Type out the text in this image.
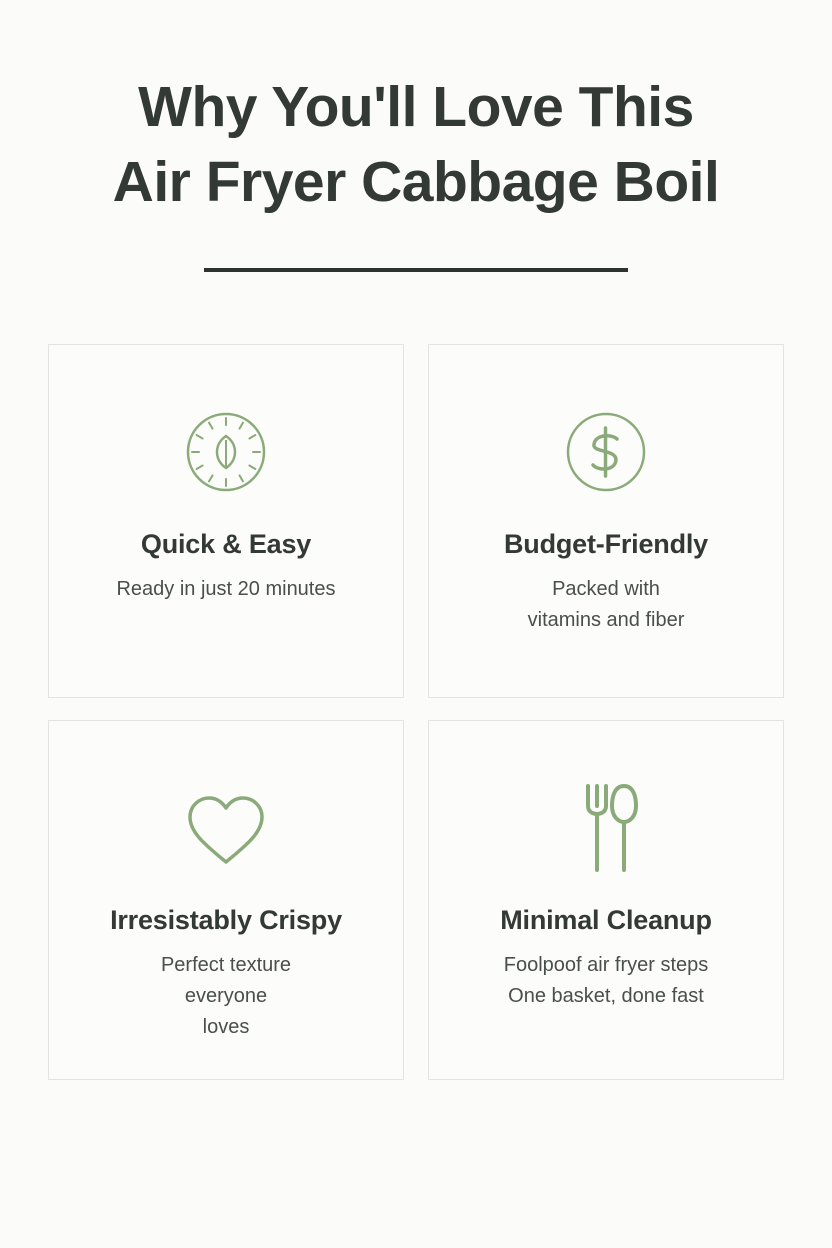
Why You'll Love This
Air Fryer Cabbage Boil
Quick & Easy
Ready in just 20 minutes
Budget-Friendly
Packed with
vitamins and fiber
Irresistably Crispy
Perfect texture
everyone
loves
Minimal Cleanup
Foolpoof air fryer steps
One basket, done fast
